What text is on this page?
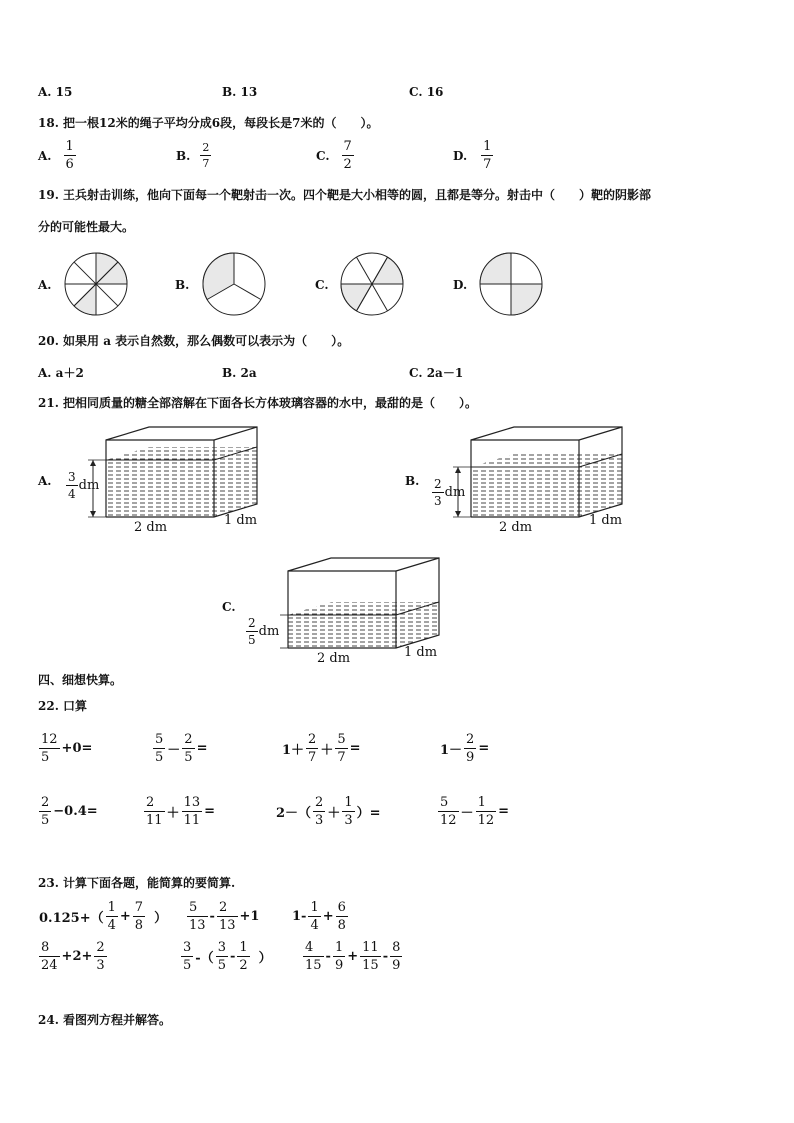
A. 15	B. 13	C. 16
18. 把一根12米的绳子平均分成6段，每段长是7米的（　　）。
A. $\frac{1}{6}$	B. $\frac{2}{7}$	C. $\frac{7}{2}$	D. $\frac{1}{7}$
19. 王兵射击训练，他向下面每一个靶射击一次。四个靶是大小相等的圆，且都是等分。射击中（　　）靶的阴影部
分的可能性最大。
A.	B.	C.	D.
20. 如果用 a 表示自然数，那么偶数可以表示为（　　）。
A. a＋2	B. 2a	C. 2a－1
21. 把相同质量的糖全部溶解在下面各长方体玻璃容器的水中，最甜的是（　　）。
A. $\frac{3}{4}$ dm
2 dm	1 dm
B. $\frac{2}{3}$ dm
2 dm	1 dm
C.
$\frac{2}{5}$ dm
2 dm	1 dm
四、细想快算。
22. 口算
$\frac{12}{5} +0=$	$\frac{5}{5} - \frac{2}{5}$ =	$1+ \frac{2}{7} + \frac{5}{7}$ =	$1- \frac{2}{9}$ =
$\frac{2}{5} -0.4=$	$\frac{2}{11} + \frac{13}{11}$ =	$2-( \frac{2}{3} + \frac{1}{3}$ ）=	$\frac{5}{12} - \frac{1}{12}$ =
23. 计算下面各题，能简算的要简算.
$0.125+( \frac{1}{4} + \frac{7}{8}$ ） $\frac{5}{13} - \frac{2}{13} +1$	$1- \frac{1}{4} + \frac{6}{8}$
$\frac{8}{24} +2+ \frac{2}{3}$	$\frac{3}{5}$ -（ $\frac{3}{5} - \frac{1}{2}$ ） $\frac{4}{15} - \frac{1}{9} + \frac{11}{15} - \frac{8}{9}$
24. 看图列方程并解答。
